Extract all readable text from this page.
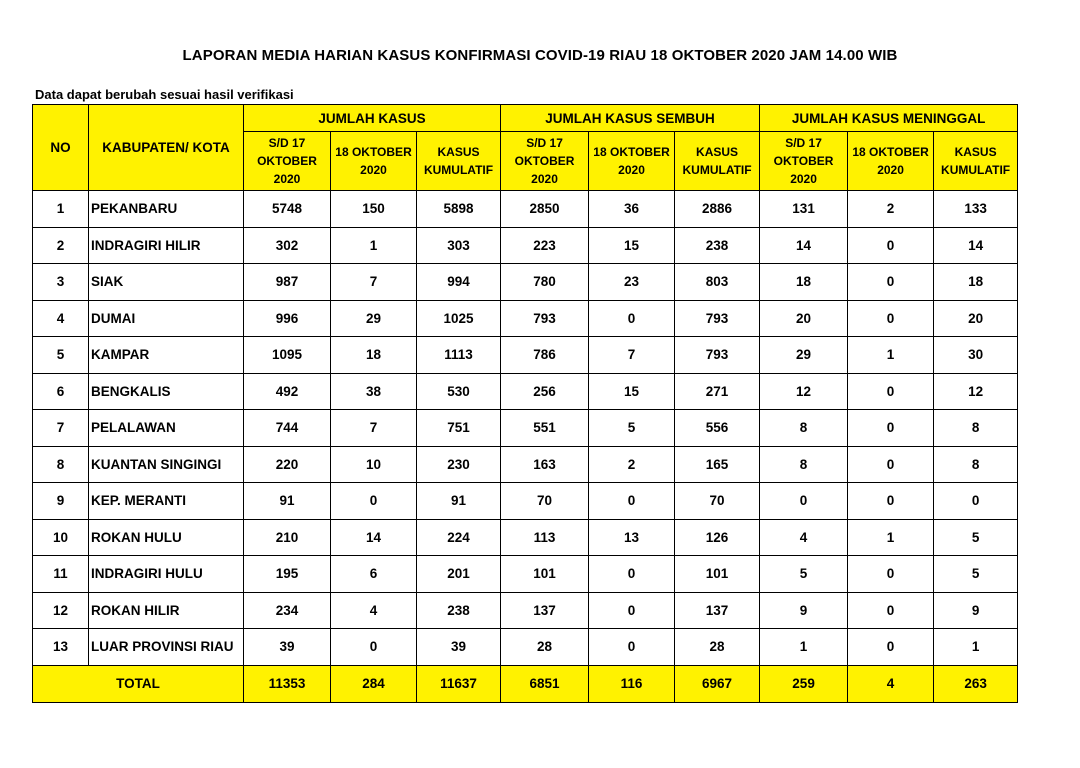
LAPORAN MEDIA HARIAN KASUS KONFIRMASI COVID-19 RIAU 18 OKTOBER 2020 JAM 14.00 WIB
Data dapat berubah sesuai hasil verifikasi
NO	KABUPATEN/ KOTA	JUMLAH KASUS			JUMLAH KASUS SEMBUH			JUMLAH KASUS MENINGGAL		
		S/D 17
OKTOBER
2020	18 OKTOBER
2020	KASUS
KUMULATIF	S/D 17
OKTOBER
2020	18 OKTOBER
2020	KASUS
KUMULATIF	S/D 17
OKTOBER
2020	18 OKTOBER
2020	KASUS
KUMULATIF
1	PEKANBARU	5748	150	5898	2850	36	2886	131	2	133
2	INDRAGIRI HILIR	302	1	303	223	15	238	14	0	14
3	SIAK	987	7	994	780	23	803	18	0	18
4	DUMAI	996	29	1025	793	0	793	20	0	20
5	KAMPAR	1095	18	1113	786	7	793	29	1	30
6	BENGKALIS	492	38	530	256	15	271	12	0	12
7	PELALAWAN	744	7	751	551	5	556	8	0	8
8	KUANTAN SINGINGI	220	10	230	163	2	165	8	0	8
9	KEP. MERANTI	91	0	91	70	0	70	0	0	0
10	ROKAN HULU	210	14	224	113	13	126	4	1	5
11	INDRAGIRI HULU	195	6	201	101	0	101	5	0	5
12	ROKAN HILIR	234	4	238	137	0	137	9	0	9
13	LUAR PROVINSI RIAU	39	0	39	28	0	28	1	0	1
TOTAL		11353	284	11637	6851	116	6967	259	4	263
